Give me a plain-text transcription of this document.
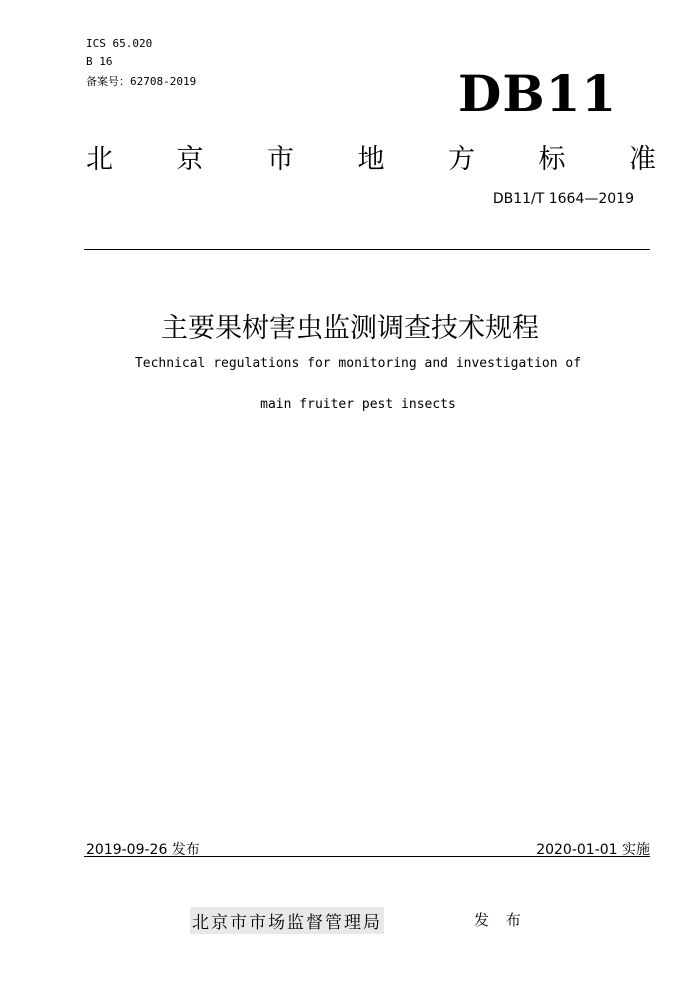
ICS 65.020
B 16
备案号：62708-2019	DB11
北 京 市 地 方 标 准
DB11/T 1664—2019
主要果树害虫监测调查技术规程
Technical regulations for monitoring and investigation of
main fruiter pest insects
2019-09-26 发布	2020-01-01 实施
北京市市场监督管理局	发 布
